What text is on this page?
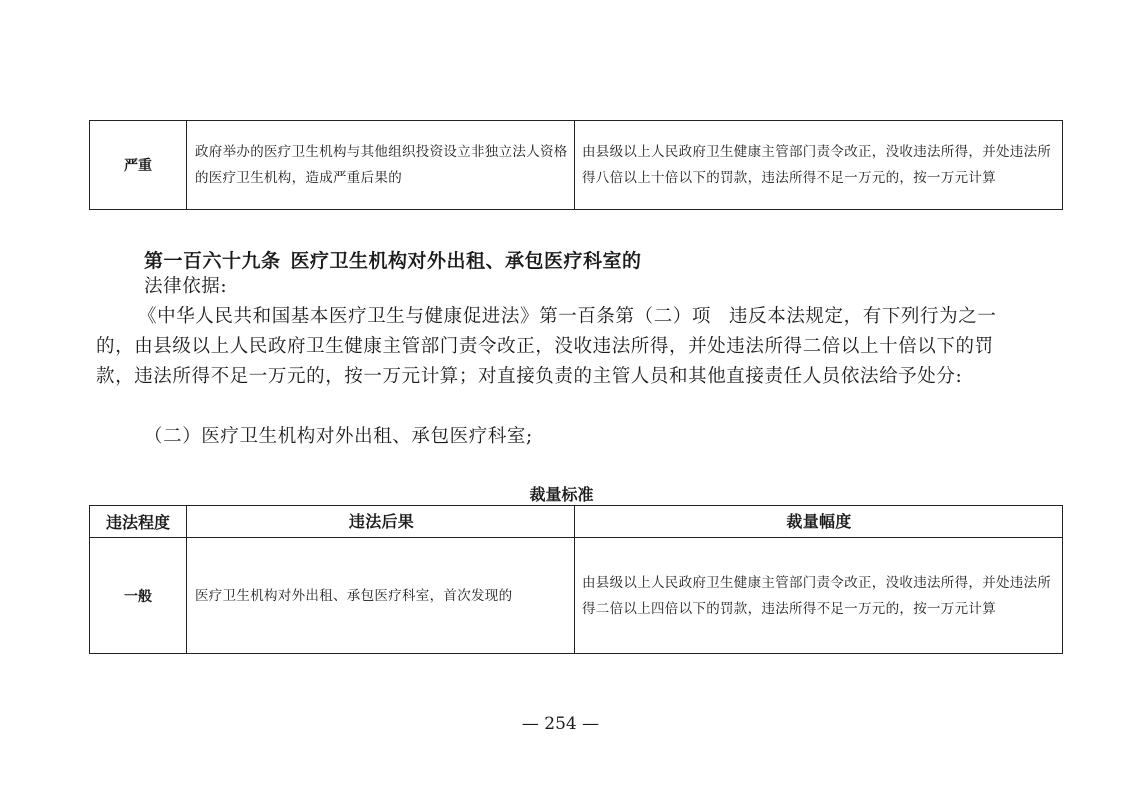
严重	政府举办的医疗卫生机构与其他组织投资设立非独立法人资格的医疗卫生机构，造成严重后果的	由县级以上人民政府卫生健康主管部门责令改正，没收违法所得，并处违法所得八倍以上十倍以下的罚款，违法所得不足一万元的，按一万元计算

第一百六十九条 医疗卫生机构对外出租、承包医疗科室的

法律依据:

《中华人民共和国基本医疗卫生与健康促进法》第一百条第（二）项 违反本法规定，有下列行为之一的，由县级以上人民政府卫生健康主管部门责令改正，没收违法所得，并处违法所得二倍以上十倍以下的罚款，违法所得不足一万元的，按一万元计算；对直接负责的主管人员和其他直接责任人员依法给予处分:

（二）医疗卫生机构对外出租、承包医疗科室;

裁量标准

违法程度	违法后果	裁量幅度
一般	医疗卫生机构对外出租、承包医疗科室，首次发现的	由县级以上人民政府卫生健康主管部门责令改正，没收违法所得，并处违法所得二倍以上四倍以下的罚款，违法所得不足一万元的，按一万元计算

— 254 —
